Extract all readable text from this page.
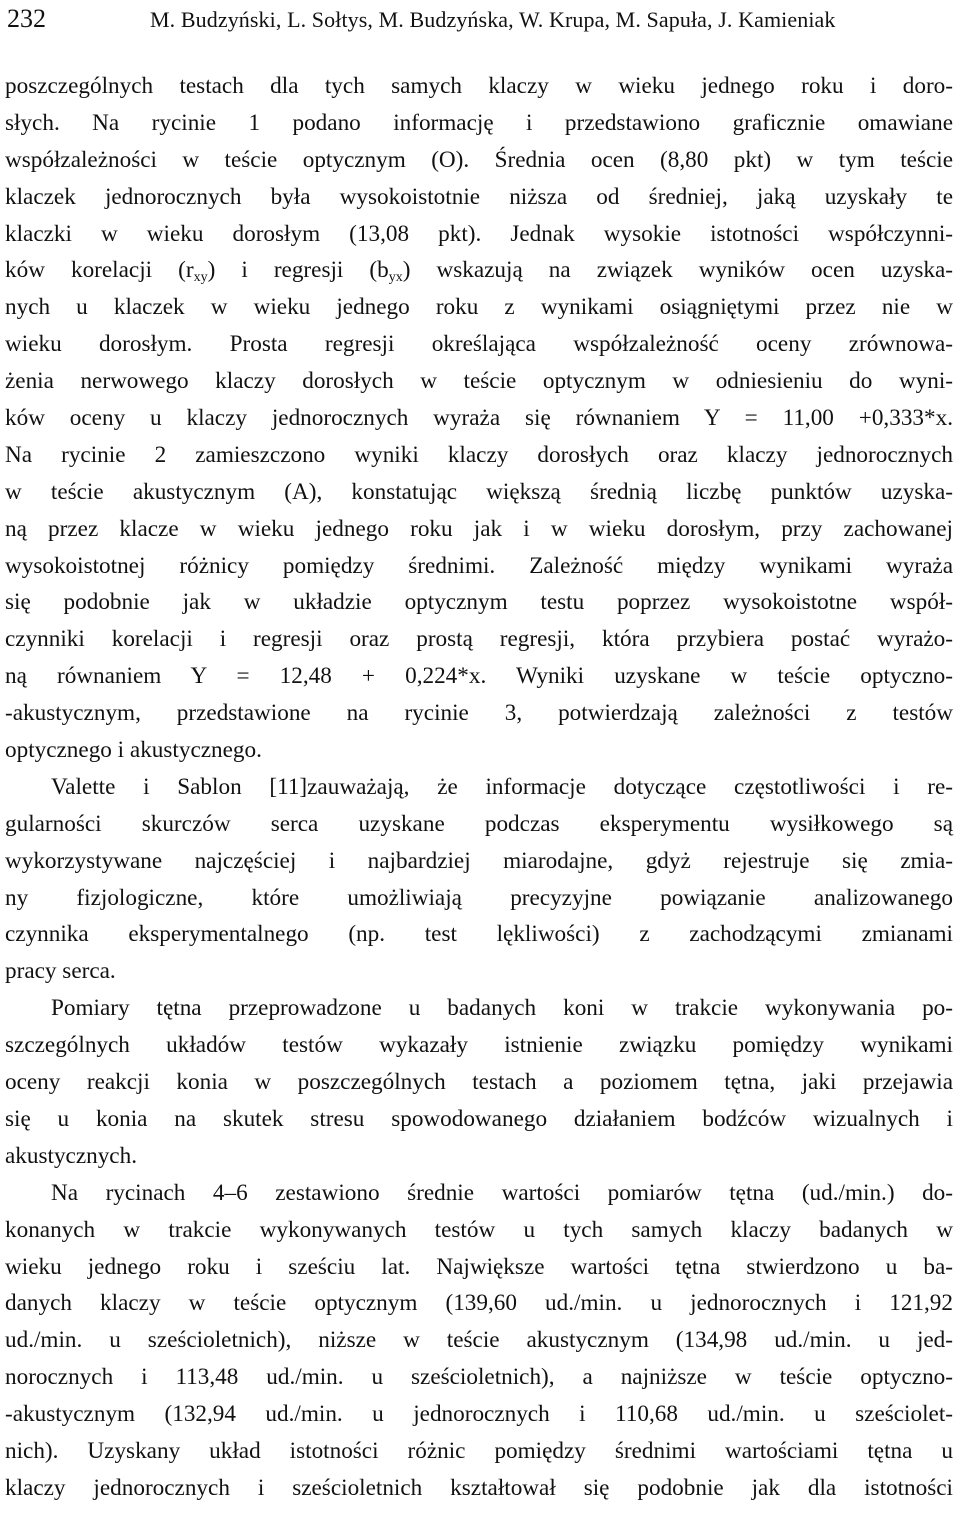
232	M. Budzyński, L. Sołtys, M. Budzyńska, W. Krupa, M. Sapuła, J. Kamieniak
poszczególnych testach dla tych samych klaczy w wieku jednego roku i doro-
słych. Na rycinie 1 podano informację i przedstawiono graficznie omawiane
współzależności w teście optycznym (O). Średnia ocen (8,80 pkt) w tym teście
klaczek jednorocznych była wysokoistotnie niższa od średniej, jaką uzyskały te
klaczki w wieku dorosłym (13,08 pkt). Jednak wysokie istotności współczynni-
ków korelacji $(r_{xy})$ i regresji $(b_{yx})$ wskazują na związek wyników ocen uzyska-
nych u klaczek w wieku jednego roku z wynikami osiągniętymi przez nie w
wieku dorosłym. Prosta regresji określająca współzależność oceny zrównowa-
żenia nerwowego klaczy dorosłych w teście optycznym w odniesieniu do wyni-
ków oceny u klaczy jednorocznych wyraża się równaniem Y = 11,00 +0,333*x.
Na rycinie 2 zamieszczono wyniki klaczy dorosłych oraz klaczy jednorocznych
w teście akustycznym (A), konstatując większą średnią liczbę punktów uzyska-
ną przez klacze w wieku jednego roku jak i w wieku dorosłym, przy zachowanej
wysokoistotnej różnicy pomiędzy średnimi. Zależność między wynikami wyraża
się podobnie jak w układzie optycznym testu poprzez wysokoistotne współ-
czynniki korelacji i regresji oraz prostą regresji, która przybiera postać wyrażo-
ną równaniem Y = 12,48 + 0,224*x. Wyniki uzyskane w teście optyczno-
-akustycznym, przedstawione na rycinie 3, potwierdzają zależności z testów
optycznego i akustycznego.
Valette i Sablon [11]zauważają, że informacje dotyczące częstotliwości i re-
gularności skurczów serca uzyskane podczas eksperymentu wysiłkowego są
wykorzystywane najczęściej i najbardziej miarodajne, gdyż rejestruje się zmia-
ny fizjologiczne, które umożliwiają precyzyjne powiązanie analizowanego
czynnika eksperymentalnego (np. test lękliwości) z zachodzącymi zmianami
pracy serca.
Pomiary tętna przeprowadzone u badanych koni w trakcie wykonywania po-
szczególnych układów testów wykazały istnienie związku pomiędzy wynikami
oceny reakcji konia w poszczególnych testach a poziomem tętna, jaki przejawia
się u konia na skutek stresu spowodowanego działaniem bodźców wizualnych i
akustycznych.
Na rycinach 4–6 zestawiono średnie wartości pomiarów tętna (ud./min.) do-
konanych w trakcie wykonywanych testów u tych samych klaczy badanych w
wieku jednego roku i sześciu lat. Największe wartości tętna stwierdzono u ba-
danych klaczy w teście optycznym (139,60 ud./min. u jednorocznych i 121,92
ud./min. u sześcioletnich), niższe w teście akustycznym (134,98 ud./min. u jed-
norocznych i 113,48 ud./min. u sześcioletnich), a najniższe w teście optyczno-
-akustycznym (132,94 ud./min. u jednorocznych i 110,68 ud./min. u sześciolet-
nich). Uzyskany układ istotności różnic pomiędzy średnimi wartościami tętna u
klaczy jednorocznych i sześcioletnich kształtował się podobnie jak dla istotności
